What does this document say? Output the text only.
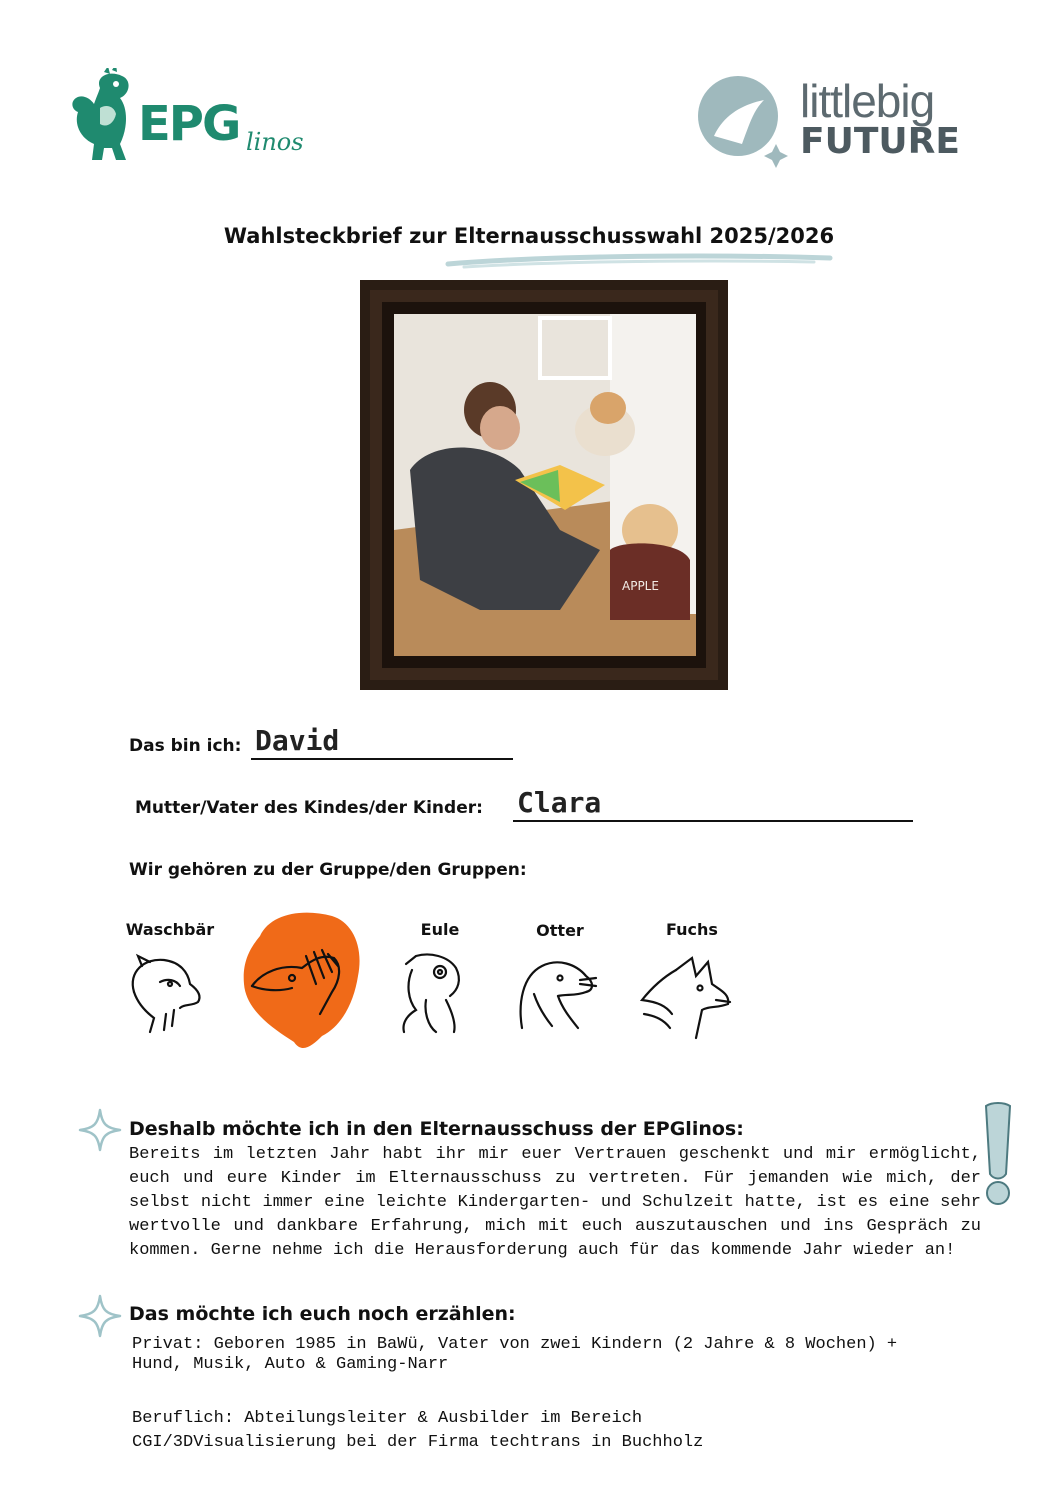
EPG linos
littlebig
FUTURE
Wahlsteckbrief zur Elternausschusswahl 2025/2026
APPLE
Das bin ich: David
Mutter/Vater des Kindes/der Kinder: Clara
Wir gehören zu der Gruppe/den Gruppen:
Waschbär	Eule	Otter	Fuchs
Deshalb möchte ich in den Elternausschuss der EPGlinos:
Bereits im letzten Jahr habt ihr mir euer Vertrauen geschenkt und mir ermöglicht, euch und eure Kinder im Elternausschuss zu vertreten. Für jemanden wie mich, der selbst nicht immer eine leichte Kindergarten- und Schulzeit hatte, ist es eine sehr wertvolle und dankbare Erfahrung, mich mit euch auszutauschen und ins Gespräch zu kommen. Gerne nehme ich die Herausforderung auch für das kommende Jahr wieder an!
Das möchte ich euch noch erzählen:
Privat: Geboren 1985 in BaWü, Vater von zwei Kindern (2 Jahre & 8 Wochen) + Hund, Musik, Auto & Gaming-Narr
Beruflich: Abteilungsleiter & Ausbilder im Bereich CGI/3DVisualisierung bei der Firma techtrans in Buchholz
